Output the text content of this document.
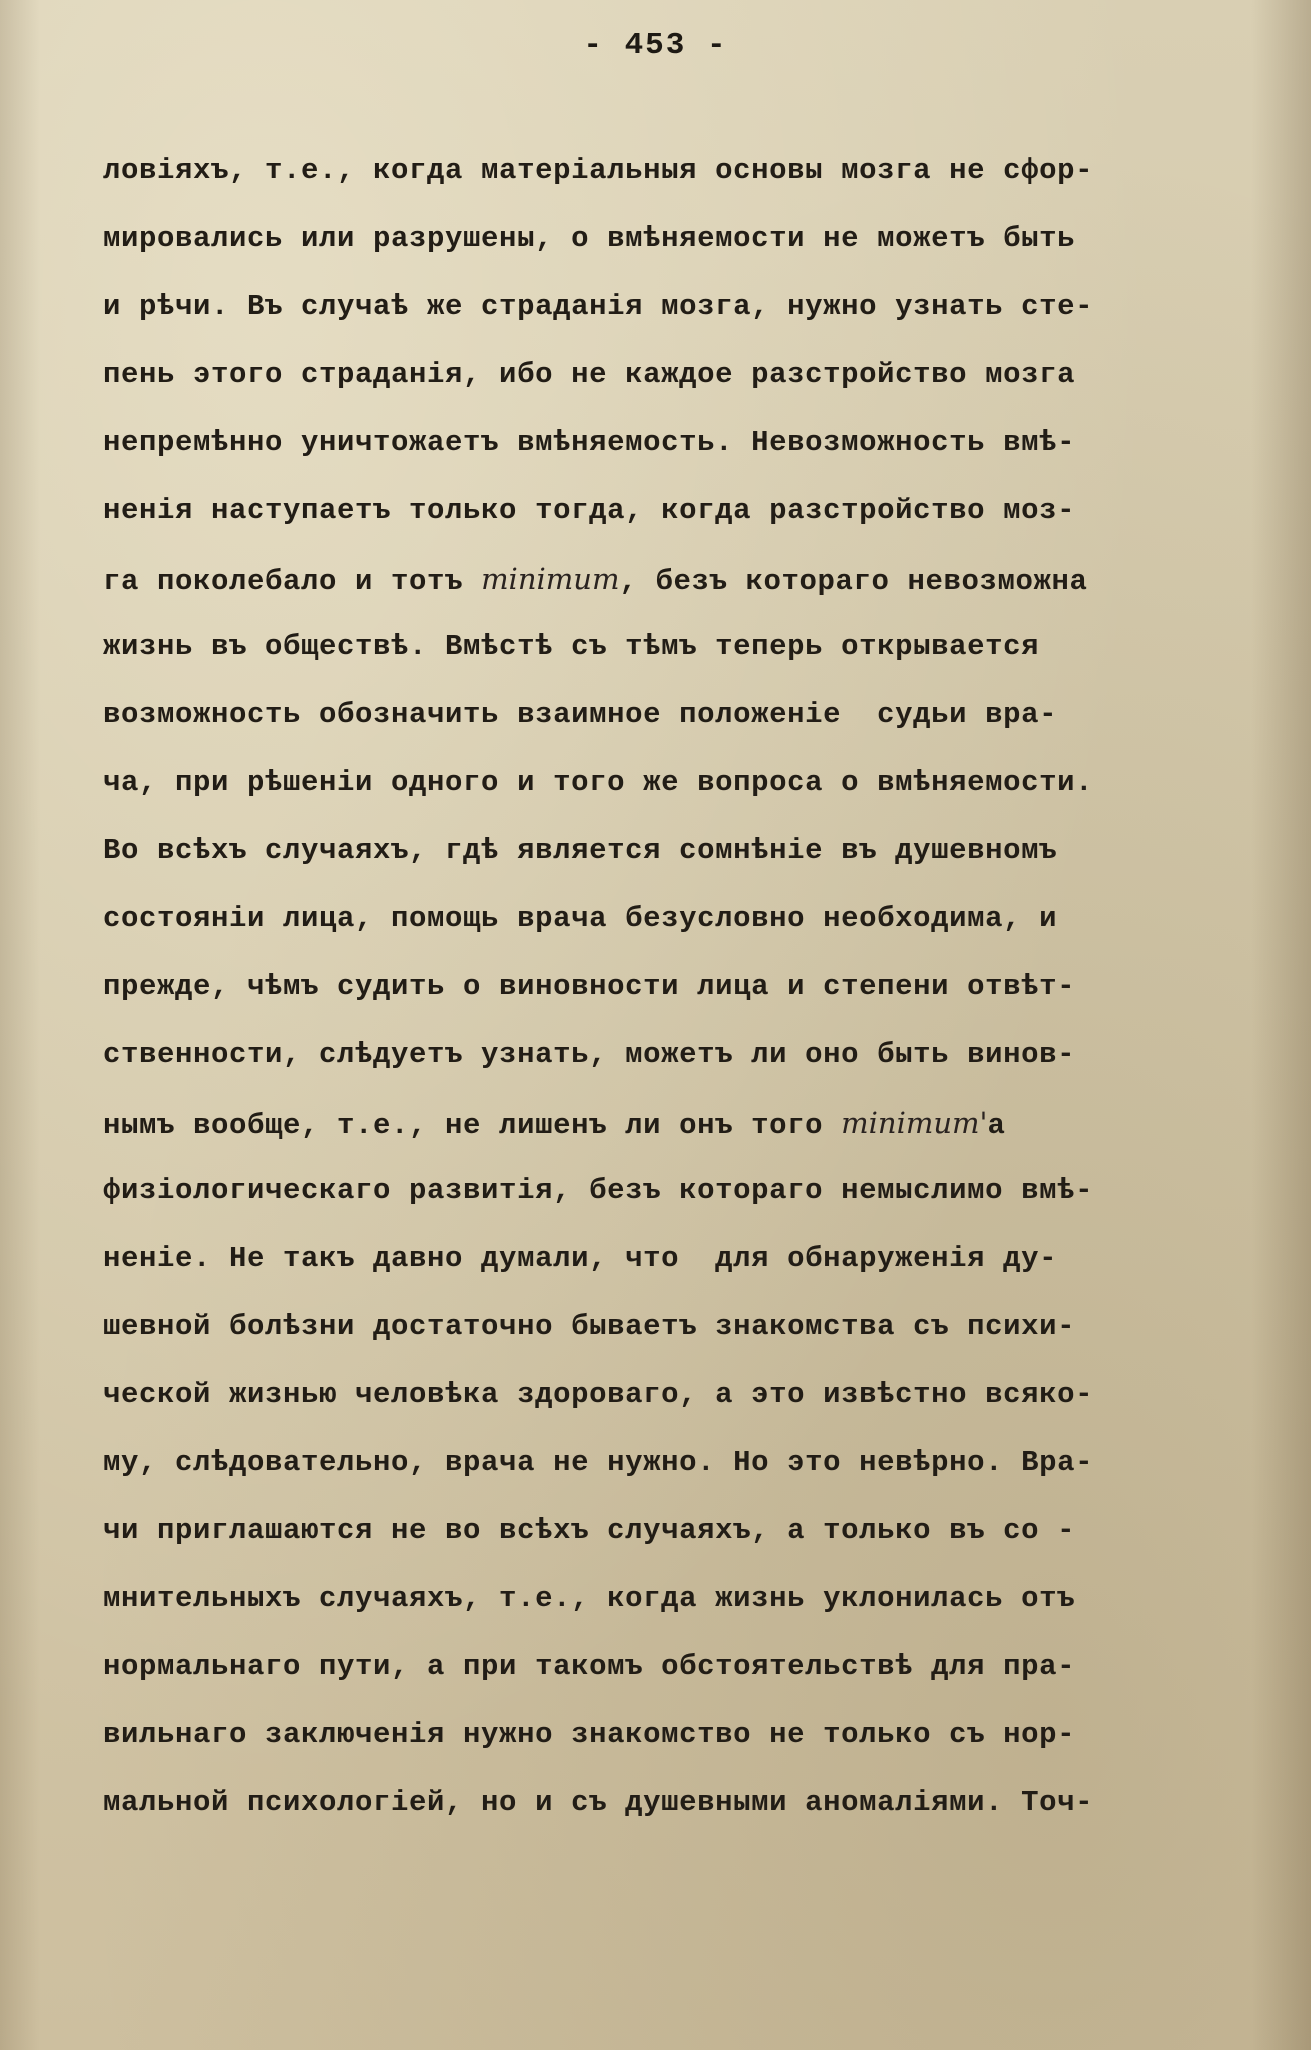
- 453 -
ловіяхъ, т.е., когда матеріальныя основы мозга не сфор-
мировались или разрушены, о вмѣняемости не можетъ быть
и рѣчи. Въ случаѣ же страданія мозга, нужно узнать сте-
пень этого страданія, ибо не каждое разстройство мозга
непремѣнно уничтожаетъ вмѣняемость. Невозможность вмѣ-
ненія наступаетъ только тогда, когда разстройство моз-
га поколебало и тотъ minimum, безъ котораго невозможна
жизнь въ обществѣ. Вмѣстѣ съ тѣмъ теперь открывается
возможность обозначить взаимное положеніе  судьи вра-
ча, при рѣшеніи одного и того же вопроса о вмѣняемости.
Во всѣхъ случаяхъ, гдѣ является сомнѣніе въ душевномъ
состояніи лица, помощь врача безусловно необходима, и
прежде, чѣмъ судить о виновности лица и степени отвѣт-
ственности, слѣдуетъ узнать, можетъ ли оно быть винов-
нымъ вообще, т.е., не лишенъ ли онъ того minimum'a
физіологическаго развитія, безъ котораго немыслимо вмѣ-
неніе. Не такъ давно думали, что  для обнаруженія ду-
шевной болѣзни достаточно бываетъ знакомства съ психи-
ческой жизнью человѣка здороваго, а это извѣстно всяко-
му, слѣдовательно, врача не нужно. Но это невѣрно. Вра-
чи приглашаются не во всѣхъ случаяхъ, а только въ со -
мнительныхъ случаяхъ, т.е., когда жизнь уклонилась отъ
нормальнаго пути, а при такомъ обстоятельствѣ для пра-
вильнаго заключенія нужно знакомство не только съ нор-
мальной психологіей, но и съ душевными аномаліями. Точ-
